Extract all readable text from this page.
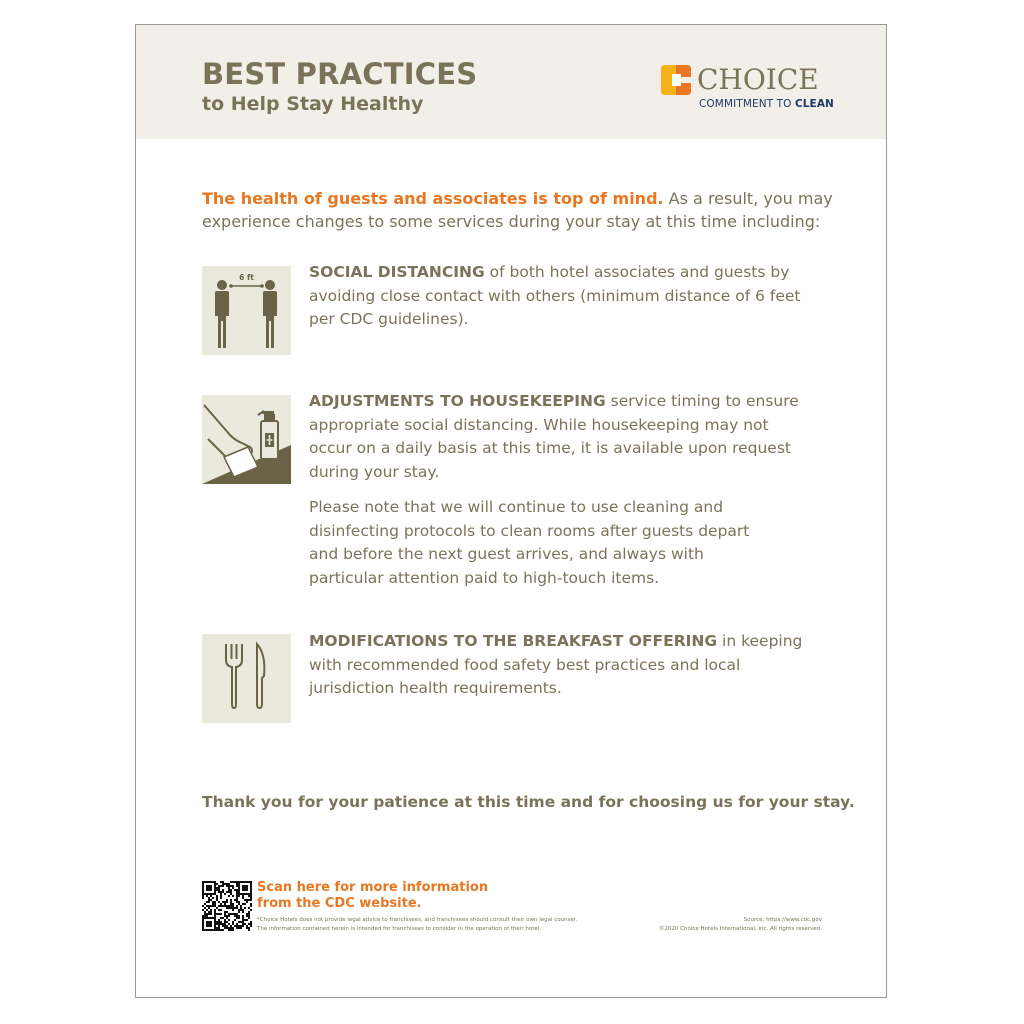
BEST PRACTICES
to Help Stay Healthy
CHOICE
COMMITMENT TO CLEAN
The health of guests and associates is top of mind. As a result, you may experience changes to some services during your stay at this time including:
6 ft	SOCIAL DISTANCING of both hotel associates and guests by avoiding close contact with others (minimum distance of 6 feet per CDC guidelines).
ADJUSTMENTS TO HOUSEKEEPING service timing to ensure appropriate social distancing. While housekeeping may not occur on a daily basis at this time, it is available upon request during your stay.
Please note that we will continue to use cleaning and disinfecting protocols to clean rooms after guests depart and before the next guest arrives, and always with particular attention paid to high-touch items.
MODIFICATIONS TO THE BREAKFAST OFFERING in keeping with recommended food safety best practices and local jurisdiction health requirements.
Thank you for your patience at this time and for choosing us for your stay.
Scan here for more information
from the CDC website.
*Choice Hotels does not provide legal advice to franchisees, and franchisees should consult their own legal counsel.
The information contained herein is intended for franchisees to consider in the operation of their hotel.
Source: https://www.cdc.gov
©2020 Choice Hotels International, Inc. All rights reserved.
